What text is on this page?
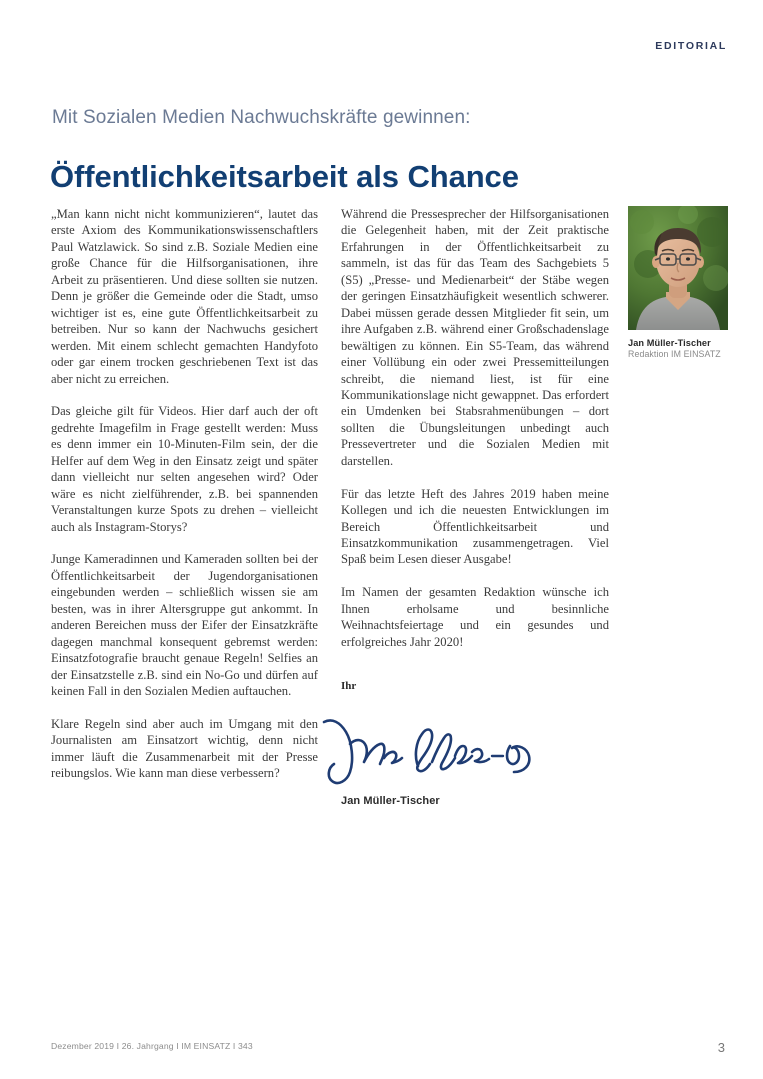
EDITORIAL
Mit Sozialen Medien Nachwuchskräfte gewinnen:
Öffentlichkeitsarbeit als Chance

„Man kann nicht nicht kommunizieren“, lautet das erste Axiom des Kommunikationswissenschaftlers Paul Watzlawick. So sind z.B. Soziale Medien eine große Chance für die Hilfsorganisationen, ihre Arbeit zu präsentieren. Und diese sollten sie nutzen. Denn je größer die Gemeinde oder die Stadt, umso wichtiger ist es, eine gute Öffentlichkeitsarbeit zu betreiben. Nur so kann der Nachwuchs gesichert werden. Mit einem schlecht gemachten Handyfoto oder gar einem trocken geschriebenen Text ist das aber nicht zu erreichen.

Das gleiche gilt für Videos. Hier darf auch der oft gedrehte Imagefilm in Frage gestellt werden: Muss es denn immer ein 10-Minuten-Film sein, der die Helfer auf dem Weg in den Einsatz zeigt und später dann vielleicht nur selten angesehen wird? Oder wäre es nicht zielführender, z.B. bei spannenden Veranstaltungen kurze Spots zu drehen – vielleicht auch als Instagram-Storys?

Junge Kameradinnen und Kameraden sollten bei der Öffentlichkeitsarbeit der Jugendorganisationen eingebunden werden – schließlich wissen sie am besten, was in ihrer Altersgruppe gut ankommt. In anderen Bereichen muss der Eifer der Einsatzkräfte dagegen manchmal konsequent gebremst werden: Einsatzfotografie braucht genaue Regeln! Selfies an der Einsatzstelle z.B. sind ein No-Go und dürfen auf keinen Fall in den Sozialen Medien auftauchen.

Klare Regeln sind aber auch im Umgang mit den Journalisten am Einsatzort wichtig, denn nicht immer läuft die Zusammenarbeit mit der Presse reibungslos. Wie kann man diese verbessern?

Während die Pressesprecher der Hilfsorganisationen die Gelegenheit haben, mit der Zeit praktische Erfahrungen in der Öffentlichkeitsarbeit zu sammeln, ist das für das Team des Sachgebiets 5 (S5) „Presse- und Medienarbeit“ der Stäbe wegen der geringen Einsatzhäufigkeit wesentlich schwerer. Dabei müssen gerade dessen Mitglieder fit sein, um ihre Aufgaben z.B. während einer Großschadenslage bewältigen zu können. Ein S5-Team, das während einer Vollübung ein oder zwei Pressemitteilungen schreibt, die niemand liest, ist für eine Kommunikationslage nicht gewappnet. Das erfordert ein Umdenken bei Stabsrahmenübungen – dort sollten die Übungsleitungen unbedingt auch Pressevertreter und die Sozialen Medien mit darstellen.

Für das letzte Heft des Jahres 2019 haben meine Kollegen und ich die neuesten Entwicklungen im Bereich Öffentlichkeitsarbeit und Einsatzkommunikation zusammengetragen. Viel Spaß beim Lesen dieser Ausgabe!

Im Namen der gesamten Redaktion wünsche ich Ihnen erholsame und besinnliche Weihnachtsfeiertage und ein gesundes und erfolgreiches Jahr 2020!

Jan Müller-Tischer
Redaktion IM EINSATZ
Ihr
Jan Müller-Tischer
Dezember 2019 I 26. Jahrgang I IM EINSATZ I 343	3
